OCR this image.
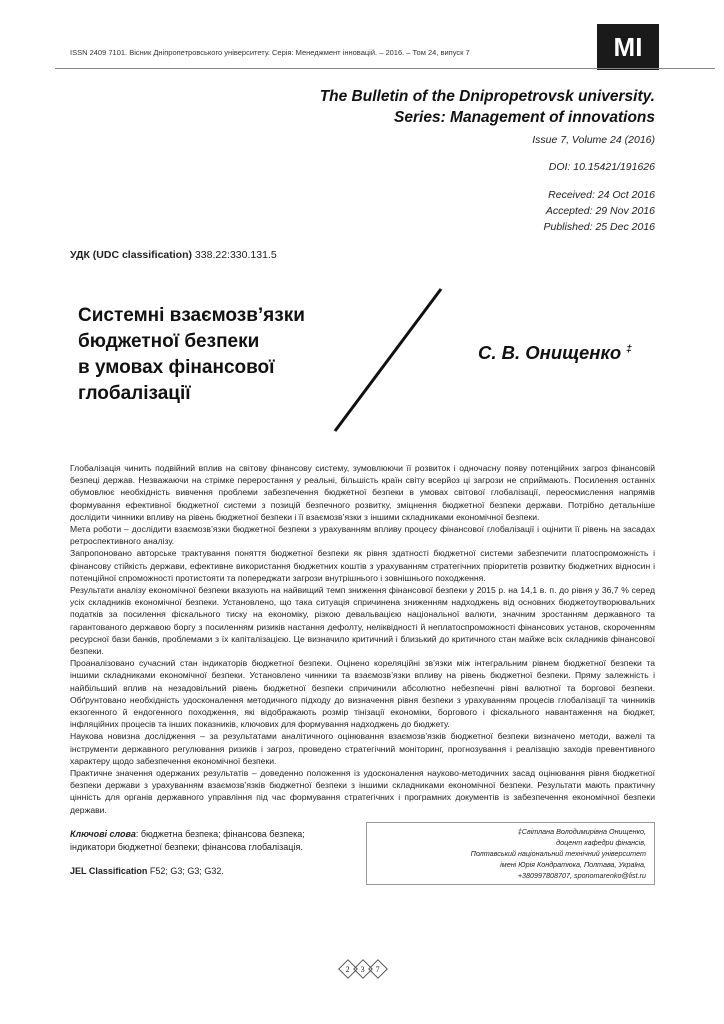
ISSN 2409 7101. Вісник Дніпропетровського університету. Серія: Менеджмент інновацій. – 2016. – Том 24, випуск 7	MI
The Bulletin of the Dnipropetrovsk university.
Series: Management of innovations
Issue 7, Volume 24 (2016)
DOI: 10.15421/191626
Received: 24 Oct 2016
Accepted: 29 Nov 2016
Published: 25 Dec 2016
УДК (UDC classification) 338.22:330.131.5
Системні взаємозв’язки
бюджетної безпеки
в умовах фінансової
глобалізації
С. В. Онищенко ‡

Глобалізація чинить подвійний вплив на світову фінансову систему, зумовлюючи її розвиток і одночасну появу потенційних загроз фінансовій безпеці держав. Незважаючи на стрімке переростання у реальні, більшість країн світу всерйоз ці загрози не сприймають. Посилення останніх обумовлює необхідність вивчення проблеми забезпечення бюджетної безпеки в умовах світової глобалізації, переосмислення напрямів формування ефективної бюджетної системи з позицій безпечного розвитку, зміцнення бюджетної безпеки держави. Потрібно детальніше дослідити чинники впливу на рівень бюджетної безпеки і її взаємозв’язки з іншими складниками економічної безпеки.

Мета роботи – дослідити взаємозв’язки бюджетної безпеки з урахуванням впливу процесу фінансової глобалізації і оцінити її рівень на засадах ретроспективного аналізу.

Запропоновано авторське трактування поняття бюджетної безпеки як рівня здатності бюджетної системи забезпечити платоспроможність і фінансову стійкість держави, ефективне використання бюджетних коштів з урахуванням стратегічних пріоритетів розвитку бюджетних відносин і потенційної спроможності протистояти та попереджати загрози внутрішнього і зовнішнього походження.

Результати аналізу економічної безпеки вказують на найвищий темп зниження фінансової безпеки у 2015 р. на 14,1 в. п. до рівня у 36,7 % серед усіх складників економічної безпеки. Установлено, що така ситуація спричинена зниженням надходжень від основних бюджетоутворювальних податків за посилення фіскального тиску на економіку, різкою девальвацією національної валюти, значним зростанням державного та гарантованого державою боргу з посиленням ризиків настання дефолту, неліквідності й неплатоспроможності фінансових установ, скороченням ресурсної бази банків, проблемами з їх капіталізацією. Це визначило критичний і близький до критичного стан майже всіх складників фінансової безпеки.

Проаналізовано сучасний стан індикаторів бюджетної безпеки. Оцінено кореляційні зв’язки між інтегральним рівнем бюджетної безпеки та іншими складниками економічної безпеки. Установлено чинники та взаємозв’язки впливу на рівень бюджетної безпеки. Пряму залежність і найбільший вплив на незадовільний рівень бюджетної безпеки спричинили абсолютно небезпечні рівні валютної та боргової безпеки. Обґрунтовано необхідність удосконалення методичного підходу до визначення рівня безпеки з урахуванням процесів глобалізації та чинників екзогенного й ендогенного походження, які відображають розмір тінізації економіки, боргового і фіскального навантаження на бюджет, інфляційних процесів та інших показників, ключових для формування надходжень до бюджету.

Наукова новизна дослідження – за результатами аналітичного оцінювання взаємозв’язків бюджетної безпеки визначено методи, важелі та інструменти державного регулювання ризиків і загроз, проведено стратегічний моніторинг, прогнозування і реалізацію заходів превентивного характеру щодо забезпечення економічної безпеки.

Практичне значення одержаних результатів – доведенно положення із удосконалення науково-методичних засад оцінювання рівня бюджетної безпеки держави з урахуванням взаємозв’язків бюджетної безпеки з іншими складниками економічної безпеки. Результати мають практичну цінність для органів державного управління під час формування стратегічних і програмних документів із забезпечення економічної безпеки держави.

Ключові слова: бюджетна безпека; фінансова безпека; індикатори бюджетної безпеки; фінансова глобалізація.
JEL Classification F52; G3; G3; G32.
‡Світлана Володимирівна Онищенко,
доцент кафедри фінансів,
Полтавський національний технічний університет
імені Юрія Кондратюка, Полтава, Україна,
+380997808707, sponomarenko@list.ru
2 3 7
